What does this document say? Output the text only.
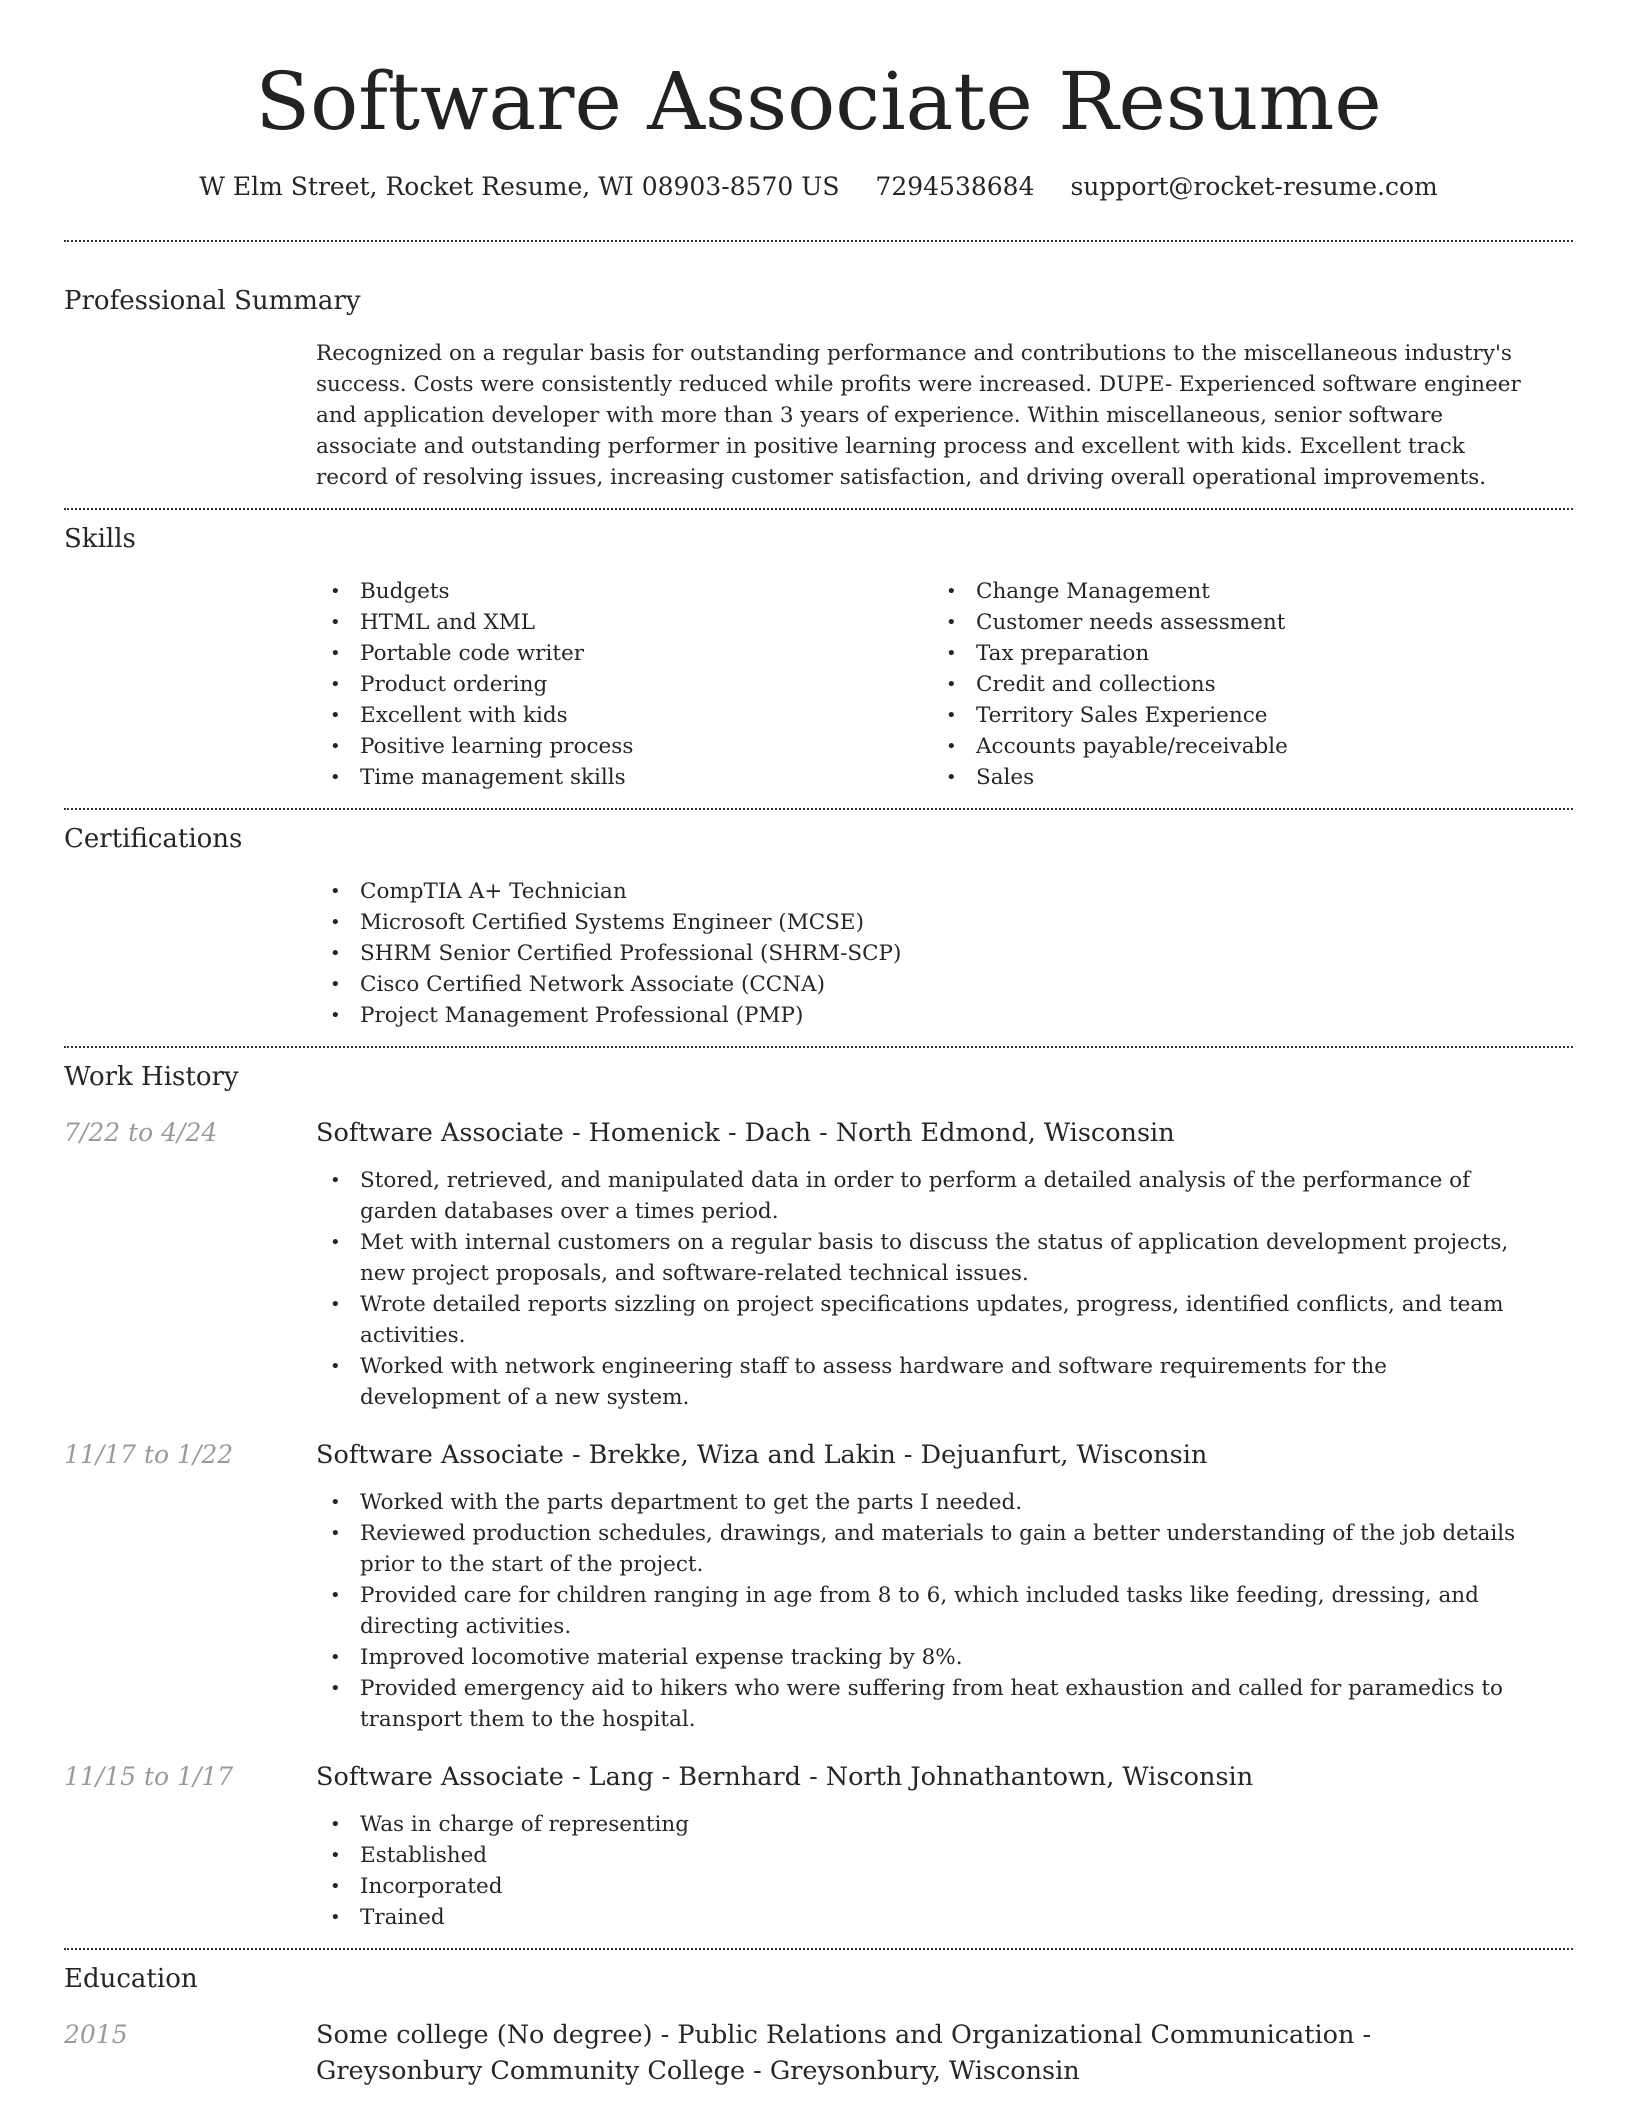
Software Associate Resume
W Elm Street, Rocket Resume, WI 08903-8570 US 7294538684 support@rocket-resume.com
Professional Summary

Recognized on a regular basis for outstanding performance and contributions to the miscellaneous industry's success. Costs were consistently reduced while profits were increased. DUPE- Experienced software engineer and application developer with more than 3 years of experience. Within miscellaneous, senior software associate and outstanding performer in positive learning process and excellent with kids. Excellent track record of resolving issues, increasing customer satisfaction, and driving overall operational improvements.

Skills
• Budgets
• HTML and XML
• Portable code writer
• Product ordering
• Excellent with kids
• Positive learning process
• Time management skills
• Change Management
• Customer needs assessment
• Tax preparation
• Credit and collections
• Territory Sales Experience
• Accounts payable/receivable
• Sales
Certifications
• CompTIA A+ Technician
• Microsoft Certified Systems Engineer (MCSE)
• SHRM Senior Certified Professional (SHRM-SCP)
• Cisco Certified Network Associate (CCNA)
• Project Management Professional (PMP)
Work History
7/22 to 4/24	Software Associate - Homenick - Dach - North Edmond, Wisconsin
• Stored, retrieved, and manipulated data in order to perform a detailed analysis of the performance of garden databases over a times period.
• Met with internal customers on a regular basis to discuss the status of application development projects, new project proposals, and software-related technical issues.
• Wrote detailed reports sizzling on project specifications updates, progress, identified conflicts, and team activities.
• Worked with network engineering staff to assess hardware and software requirements for the development of a new system.
11/17 to 1/22	Software Associate - Brekke, Wiza and Lakin - Dejuanfurt, Wisconsin
• Worked with the parts department to get the parts I needed.
• Reviewed production schedules, drawings, and materials to gain a better understanding of the job details prior to the start of the project.
• Provided care for children ranging in age from 8 to 6, which included tasks like feeding, dressing, and directing activities.
• Improved locomotive material expense tracking by 8%.
• Provided emergency aid to hikers who were suffering from heat exhaustion and called for paramedics to transport them to the hospital.
11/15 to 1/17	Software Associate - Lang - Bernhard - North Johnathantown, Wisconsin
• Was in charge of representing
• Established
• Incorporated
• Trained
Education
2015	Some college (No degree) - Public Relations and Organizational Communication - Greysonbury Community College - Greysonbury, Wisconsin
